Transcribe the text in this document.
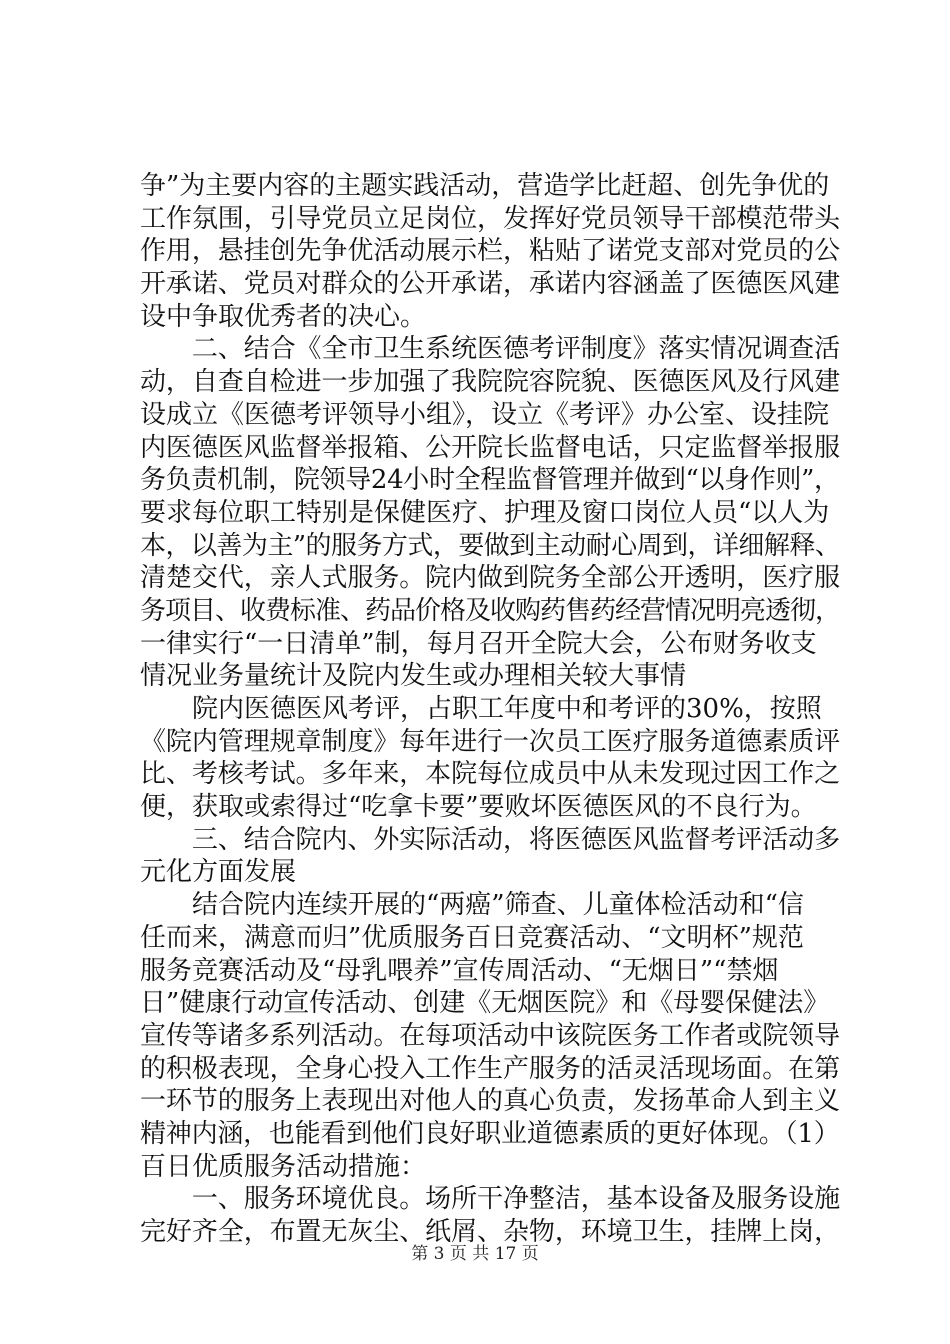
争”为主要内容的主题实践活动，营造学比赶超、创先争优的
工作氛围，引导党员立足岗位，发挥好党员领导干部模范带头
作用，悬挂创先争优活动展示栏，粘贴了诺党支部对党员的公
开承诺、党员对群众的公开承诺，承诺内容涵盖了医德医风建
设中争取优秀者的决心。
　　二、结合《全市卫生系统医德考评制度》落实情况调查活
动，自查自检进一步加强了我院院容院貌、医德医风及行风建
设成立《医德考评领导小组》，设立《考评》办公室、设挂院
内医德医风监督举报箱、公开院长监督电话，只定监督举报服
务负责机制，院领导24小时全程监督管理并做到“以身作则”，
要求每位职工特别是保健医疗、护理及窗口岗位人员“以人为
本，以善为主”的服务方式，要做到主动耐心周到，详细解释、
清楚交代，亲人式服务。院内做到院务全部公开透明，医疗服
务项目、收费标准、药品价格及收购药售药经营情况明亮透彻，
一律实行“一日清单”制，每月召开全院大会，公布财务收支
情况业务量统计及院内发生或办理相关较大事情
　　院内医德医风考评，占职工年度中和考评的30%，按照
《院内管理规章制度》每年进行一次员工医疗服务道德素质评
比、考核考试。多年来，本院每位成员中从未发现过因工作之
便，获取或索得过“吃拿卡要”要败坏医德医风的不良行为。
　　三、结合院内、外实际活动，将医德医风监督考评活动多
元化方面发展
　　结合院内连续开展的“两癌”筛查、儿童体检活动和“信
任而来，满意而归”优质服务百日竞赛活动、“文明杯”规范
服务竞赛活动及“母乳喂养”宣传周活动、“无烟日”“禁烟
日”健康行动宣传活动、创建《无烟医院》和《母婴保健法》
宣传等诸多系列活动。在每项活动中该院医务工作者或院领导
的积极表现，全身心投入工作生产服务的活灵活现场面。在第
一环节的服务上表现出对他人的真心负责，发扬革命人到主义
精神内涵，也能看到他们良好职业道德素质的更好体现。（1）
百日优质服务活动措施：
　　一、服务环境优良。场所干净整洁，基本设备及服务设施
完好齐全，布置无灰尘、纸屑、杂物，环境卫生，挂牌上岗，
第 3 页 共 17 页
